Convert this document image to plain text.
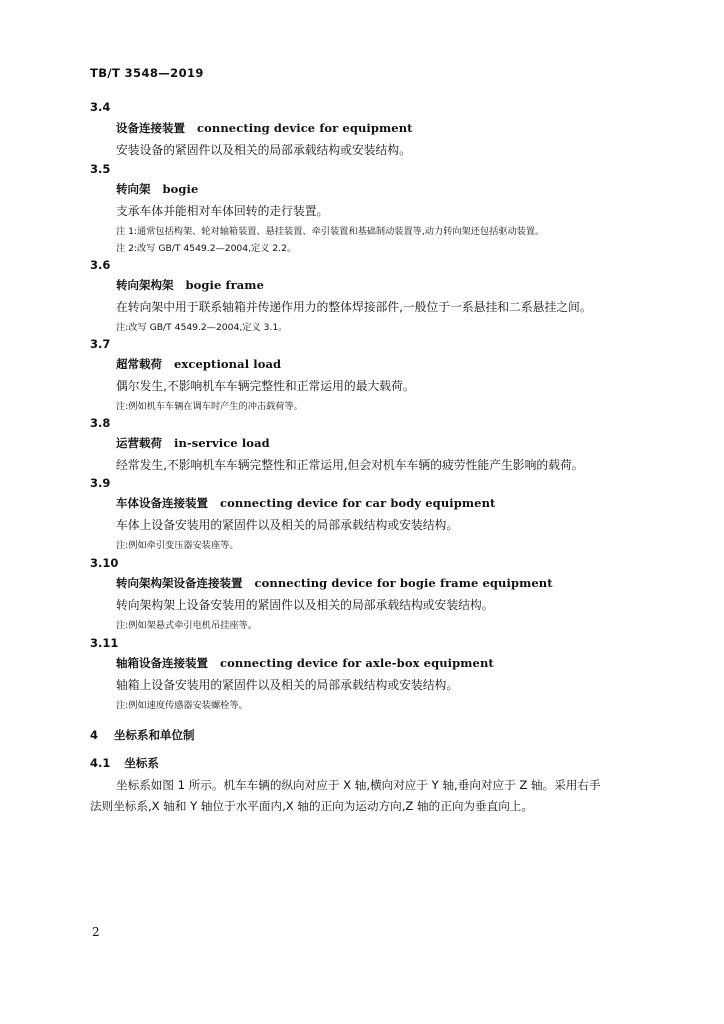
TB/T 3548—2019
3.4
设备连接装置 connecting device for equipment
安装设备的紧固件以及相关的局部承载结构或安装结构。
3.5
转向架 bogie
支承车体并能相对车体回转的走行装置。
注 1:通常包括构架、轮对轴箱装置、悬挂装置、牵引装置和基础制动装置等,动力转向架还包括驱动装置。
注 2:改写 GB/T 4549.2—2004,定义 2.2。
3.6
转向架构架 bogie frame
在转向架中用于联系轴箱并传递作用力的整体焊接部件,一般位于一系悬挂和二系悬挂之间。
注:改写 GB/T 4549.2—2004,定义 3.1。
3.7
超常载荷 exceptional load
偶尔发生,不影响机车车辆完整性和正常运用的最大载荷。
注:例如机车车辆在调车时产生的冲击载荷等。
3.8
运营载荷 in-service load
经常发生,不影响机车车辆完整性和正常运用,但会对机车车辆的疲劳性能产生影响的载荷。
3.9
车体设备连接装置 connecting device for car body equipment
车体上设备安装用的紧固件以及相关的局部承载结构或安装结构。
注:例如牵引变压器安装座等。
3.10
转向架构架设备连接装置 connecting device for bogie frame equipment
转向架构架上设备安装用的紧固件以及相关的局部承载结构或安装结构。
注:例如架悬式牵引电机吊挂座等。
3.11
轴箱设备连接装置 connecting device for axle-box equipment
轴箱上设备安装用的紧固件以及相关的局部承载结构或安装结构。
注:例如速度传感器安装螺栓等。
4 坐标系和单位制
4.1 坐标系
坐标系如图 1 所示。机车车辆的纵向对应于 X 轴,横向对应于 Y 轴,垂向对应于 Z 轴。采用右手
法则坐标系,X 轴和 Y 轴位于水平面内,X 轴的正向为运动方向,Z 轴的正向为垂直向上。
2
